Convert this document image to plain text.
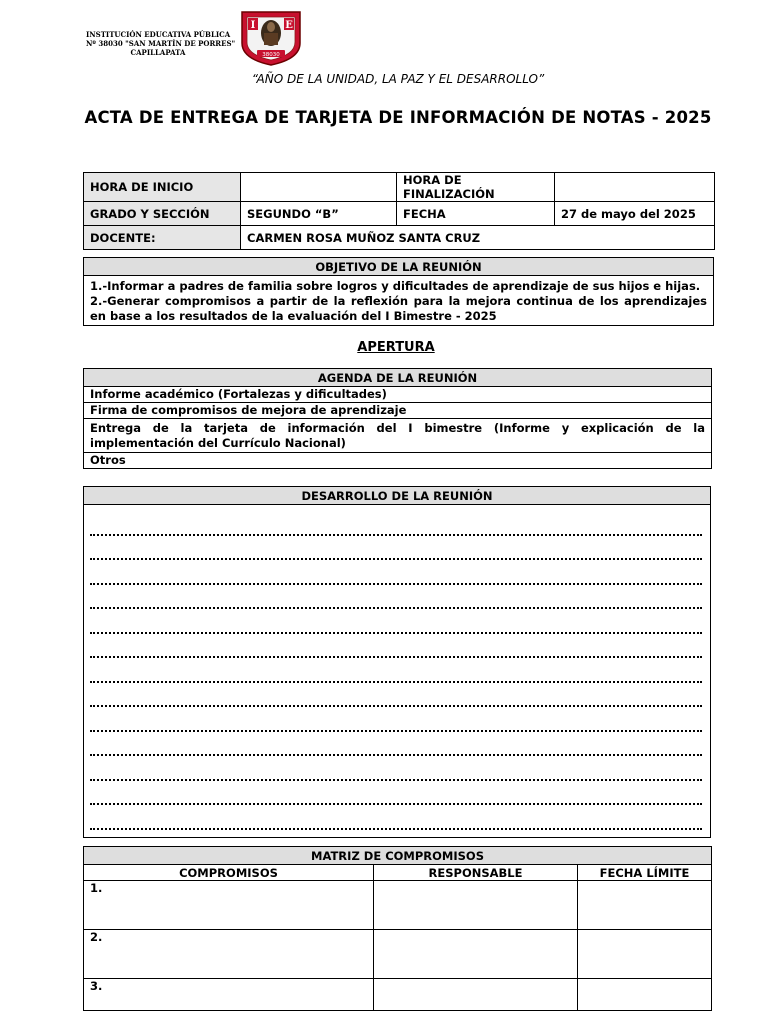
INSTITUCIÓN EDUCATIVA PÚBLICA
Nº 38030 "SAN MARTÍN DE PORRES"
CAPILLAPATA
I	E
38030
“AÑO DE LA UNIDAD, LA PAZ Y EL DESARROLLO”
ACTA DE ENTREGA DE TARJETA DE INFORMACIÓN DE NOTAS - 2025
HORA DE INICIO		HORA DE FINALIZACIÓN	
GRADO Y SECCIÓN	SEGUNDO “B”	FECHA	27 de mayo del 2025
DOCENTE:	CARMEN ROSA MUÑOZ SANTA CRUZ		
OBJETIVO DE LA REUNIÓN

1.-Informar a padres de familia sobre logros y dificultades de aprendizaje de sus hijos e hijas.
2.-Generar compromisos a partir de la reflexión para la mejora continua de los aprendizajes en base a los resultados de la evaluación del I Bimestre - 2025
APERTURA
AGENDA DE LA REUNIÓN
Informe académico (Fortalezas y dificultades)
Firma de compromisos de mejora de aprendizaje
Entrega de la tarjeta de información del I bimestre (Informe y explicación de la implementación del Currículo Nacional)
Otros
DESARROLLO DE LA REUNIÓN

MATRIZ DE COMPROMISOS		
COMPROMISOS	RESPONSABLE	FECHA LÍMITE
1.		
2.		
3.		
